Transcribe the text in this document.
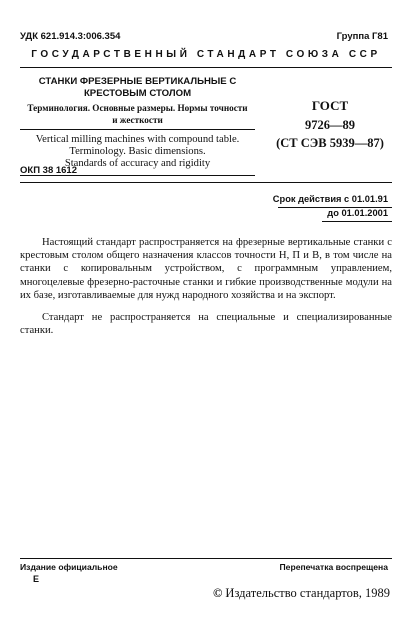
УДК 621.914.3:006.354	Группа Г81
ГОСУДАРСТВЕННЫЙ СТАНДАРТ СОЮЗА ССР
СТАНКИ ФРЕЗЕРНЫЕ ВЕРТИКАЛЬНЫЕ С
КРЕСТОВЫМ СТОЛОМ
Терминология. Основные размеры. Нормы точности
и жесткости
Vertical milling machines with compound table.
Terminology. Basic dimensions.
Standards of accuracy and rigidity
ОКП 38 1612
ГОСТ
9726—89
(СТ СЭВ 5939—87)
Срок действия с 01.01.91
до 01.01.2001
Настоящий стандарт распространяется на фрезерные вертикальные станки с крестовым столом общего назначения классов точности Н, П и В, в том числе на станки с копировальным устройством, с программным управлением, многоцелевые фрезерно-расточные станки и гибкие производственные модули на их базе, изготавливаемые для нужд народного хозяйства и на экспорт.
Стандарт не распространяется на специальные и специализированные станки.
Издание официальное	Перепечатка воспрещена
E
© Издательство стандартов, 1989
